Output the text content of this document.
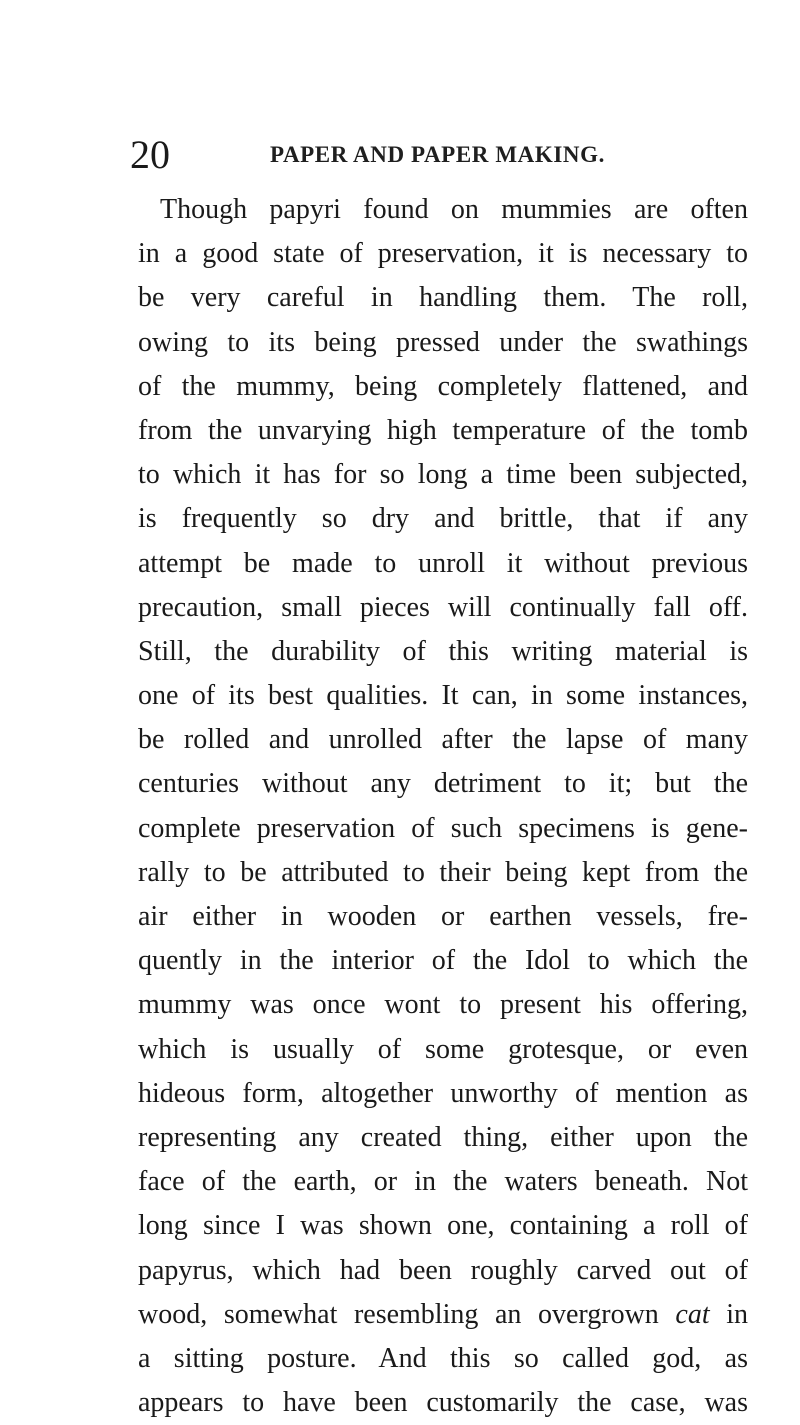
20	PAPER AND PAPER MAKING.
Though papyri found on mummies are often
in a good state of preservation, it is necessary to
be very careful in handling them. The roll,
owing to its being pressed under the swathings
of the mummy, being completely flattened, and
from the unvarying high temperature of the tomb
to which it has for so long a time been subjected,
is frequently so dry and brittle, that if any
attempt be made to unroll it without previous
precaution, small pieces will continually fall off.
Still, the durability of this writing material is
one of its best qualities. It can, in some instances,
be rolled and unrolled after the lapse of many
centuries without any detriment to it; but the
complete preservation of such specimens is gene-
rally to be attributed to their being kept from the
air either in wooden or earthen vessels, fre-
quently in the interior of the Idol to which the
mummy was once wont to present his offering,
which is usually of some grotesque, or even
hideous form, altogether unworthy of mention as
representing any created thing, either upon the
face of the earth, or in the waters beneath. Not
long since I was shown one, containing a roll of
papyrus, which had been roughly carved out of
wood, somewhat resembling an overgrown cat in
a sitting posture. And this so called god, as
appears to have been customarily the case, was
